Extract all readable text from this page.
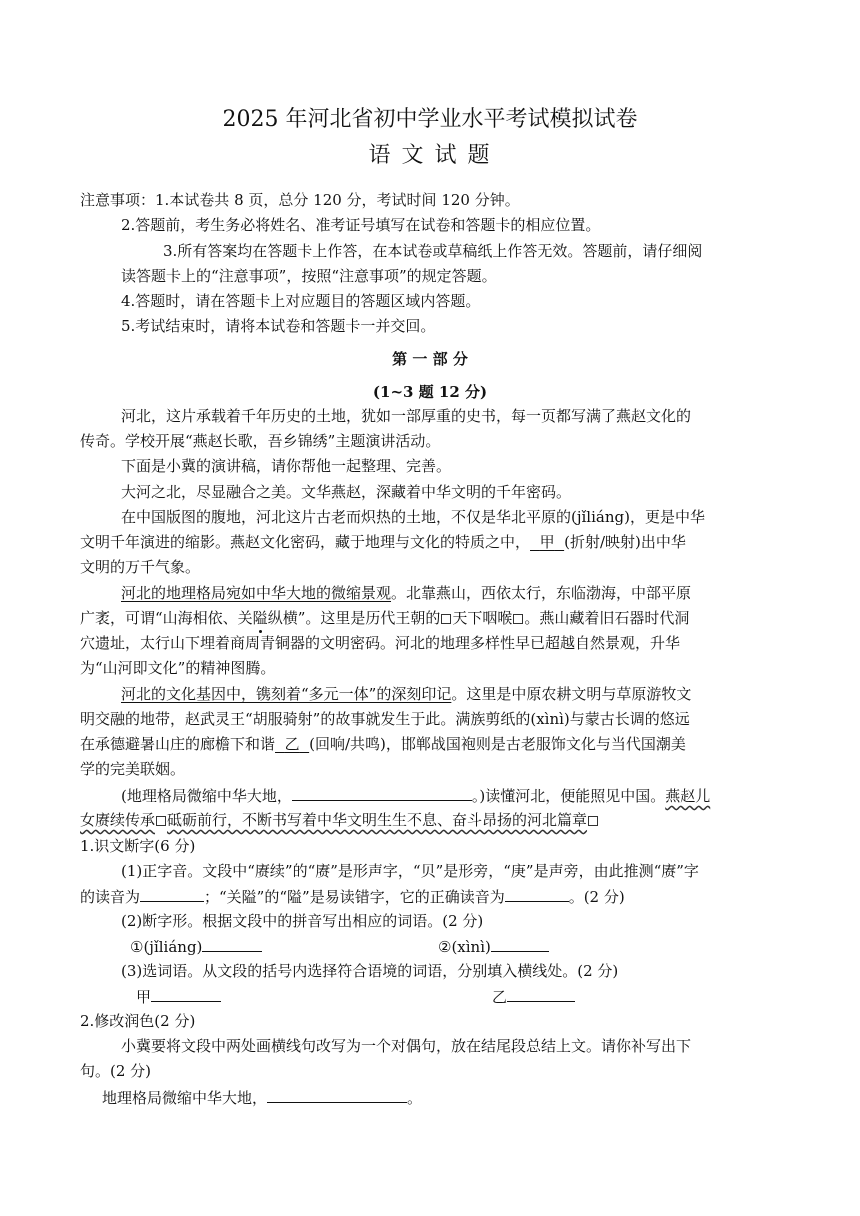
2025 年河北省初中学业水平考试模拟试卷
语 文 试 题
注意事项：1.本试卷共 8 页，总分 120 分，考试时间 120 分钟。
2.答题前，考生务必将姓名、准考证号填写在试卷和答题卡的相应位置。
3.所有答案均在答题卡上作答，在本试卷或草稿纸上作答无效。答题前，请仔细阅
读答题卡上的“注意事项”，按照“注意事项”的规定答题。
4.答题时，请在答题卡上对应题目的答题区域内答题。
5.考试结束时，请将本试卷和答题卡一并交回。
第 一 部 分
(1~3 题 12 分)
河北，这片承载着千年历史的土地，犹如一部厚重的史书，每一页都写满了燕赵文化的
传奇。学校开展“燕赵长歌，吾乡锦绣”主题演讲活动。
下面是小冀的演讲稿，请你帮他一起整理、完善。
大河之北，尽显融合之美。文华燕赵，深藏着中华文明的千年密码。
在中国版图的腹地，河北这片古老而炽热的土地，不仅是华北平原的(jǐliáng)，更是中华
文明千年演进的缩影。燕赵文化密码，藏于地理与文化的特质之中， 甲 (折射/映射)出中华
文明的万千气象。
河北的地理格局宛如中华大地的微缩景观。北靠燕山，西依太行，东临渤海，中部平原
广袤，可谓“山海相依、关隘纵横”。这里是历代王朝的 天下咽喉 。燕山藏着旧石器时代洞
穴遗址，太行山下埋着商周青铜器的文明密码。河北的地理多样性早已超越自然景观，升华
为“山河即文化”的精神图腾。
河北的文化基因中，镌刻着“多元一体”的深刻印记。这里是中原农耕文明与草原游牧文
明交融的地带，赵武灵王“胡服骑射”的故事就发生于此。满族剪纸的(xìnì)与蒙古长调的悠远
在承德避暑山庄的廊檐下和谐 乙 (回响/共鸣)，邯郸战国袍则是古老服饰文化与当代国潮美
学的完美联姻。
(地理格局微缩中华大地，	。)读懂河北，便能照见中国。燕赵儿
女赓续传承 砥砺前行，不断书写着中华文明生生不息、奋斗昂扬的河北篇章
1.识文断字(6 分)
(1)正字音。文段中“赓续”的“赓”是形声字，“贝”是形旁，“庚”是声旁，由此推测“赓”字
的读音为	；“关隘”的“隘”是易读错字，它的正确读音为	。(2 分)
(2)断字形。根据文段中的拼音写出相应的词语。(2 分)
①(jǐliáng)	②(xìnì)
(3)选词语。从文段的括号内选择符合语境的词语，分别填入横线处。(2 分)
甲	乙
2.修改润色(2 分)
小冀要将文段中两处画横线句改写为一个对偶句，放在结尾段总结上文。请你补写出下
句。(2 分)
地理格局微缩中华大地，	。
